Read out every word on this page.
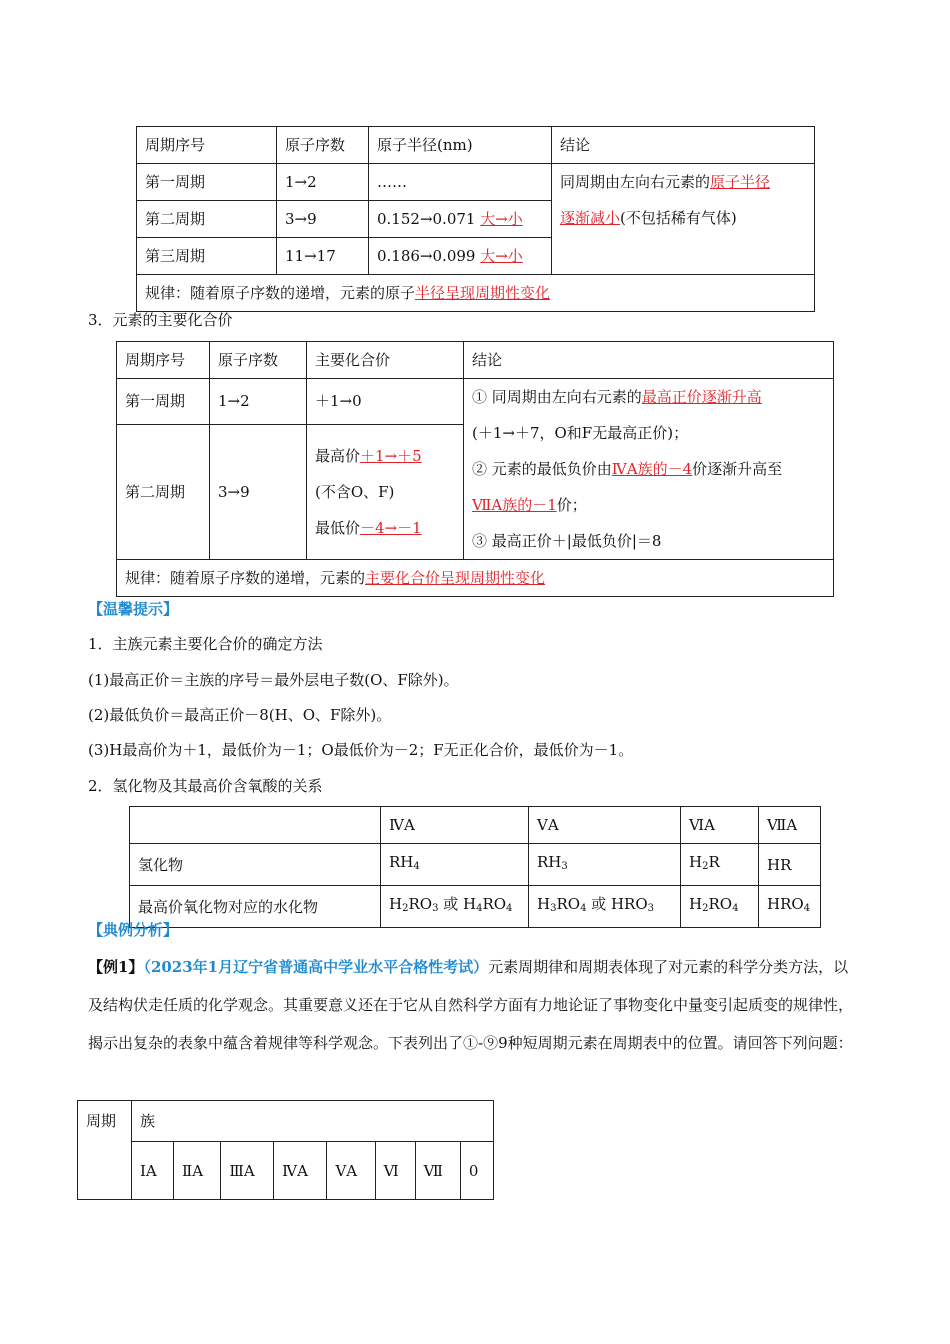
周期序号	原子序数	原子半径(nm)	结论
第一周期	1→2	……	同周期由左向右元素的原子半径
逐渐减小(不包括稀有气体)
第二周期	3→9	0.152→0.071 大→小	
第三周期	11→17	0.186→0.099 大→小	
规律：随着原子序数的递增，元素的原子半径呈现周期性变化			
3．元素的主要化合价
周期序号	原子序数	主要化合价	结论
第一周期	1→2	＋1→0	① 同周期由左向右元素的最高正价逐渐升高
(＋1→＋7，O和F无最高正价)；
② 元素的最低负价由ⅣA族的－4价逐渐升高至
ⅦA族的－1价；
③ 最高正价＋|最低负价|＝8
第二周期	3→9	最高价＋1→＋5
(不含O、F)
最低价－4→－1	
规律：随着原子序数的递增，元素的主要化合价呈现周期性变化			
【温馨提示】
1．主族元素主要化合价的确定方法
(1)最高正价＝主族的序号＝最外层电子数(O、F除外)。
(2)最低负价＝最高正价－8(H、O、F除外)。
(3)H最高价为＋1，最低价为－1；O最低价为－2；F无正化合价，最低价为－1。
2．氢化物及其最高价含氧酸的关系
	ⅣA	ⅤA	ⅥA	ⅦA
氢化物	$RH_4$	$RH_3$	$H_2R$	HR
最高价氧化物对应的水化物	$H_2RO_3$ 或 $H_4RO_4$	$H_3RO_4$ 或 $HRO_3$	$H_2RO_4$	$HRO_4$
【典例分析】
【例1】（2023年1月辽宁省普通高中学业水平合格性考试）元素周期律和周期表体现了对元素的科学分类方法，以及结构伏走任质的化学观念。其重要意义还在于它从自然科学方面有力地论证了事物变化中量变引起质变的规律性，揭示出复杂的表象中蕴含着规律等科学观念。下表列出了①-⑨9种短周期元素在周期表中的位置。请回答下列问题：
周期	族							
	IA	ⅡA	ⅢA	ⅣA	ⅤA	Ⅵ	Ⅶ	0
